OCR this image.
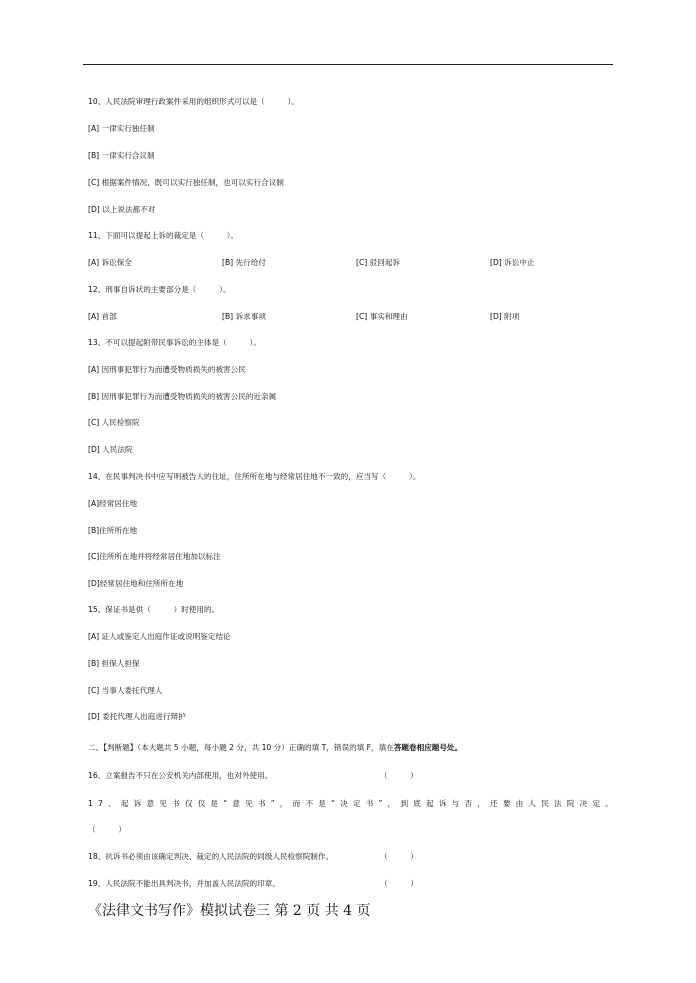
10、人民法院审理行政案件采用的组织形式可以是（　　　）。
[A] 一律实行独任制
[B] 一律实行合议制
[C] 根据案件情况，既可以实行独任制，也可以实行合议制
[D] 以上说法都不对
11、下面可以提起上诉的裁定是（　　　）。
[A] 诉讼保全	[B] 先行给付	[C] 驳回起诉	[D] 诉讼中止
12、刑事自诉状的主要部分是（　　　）。
[A] 首部	[B] 诉求事项	[C] 事实和理由	[D] 附项
13、不可以提起附带民事诉讼的主体是（　　　）。
[A] 因刑事犯罪行为而遭受物质损失的被害公民
[B] 因刑事犯罪行为而遭受物质损失的被害公民的近亲属
[C] 人民检察院
[D] 人民法院
14、在民事判决书中应写明被告人的住址，住所所在地与经常居住地不一致的，应当写（　　　）。
[A]经常居住地
[B]住所所在地
[C]住所所在地并将经常居住地加以标注
[D]经常居住地和住所所在地
15、保证书是供（　　　）时使用的。
[A] 证人或鉴定人出庭作证或说明鉴定结论
[B] 担保人担保
[C] 当事人委托代理人
[D] 委托代理人出庭进行辩护
二、【判断题】（本大题共 5 小题，每小题 2 分，共 10 分）正确的填 T，错误的填 F，填在答题卷相应题号处。
16、立案报告不只在公安机关内部使用，也对外使用。	（　　　）
17、起诉意见书仅仅是“意见书”，而不是“决定书”，到底起诉与否，还要由人民法院决定。
（　　　）
18、抗诉书必须由该确定判决、裁定的人民法院的同级人民检察院制作。	（　　　）
19、人民法院不能出具判决书，并加盖人民法院的印章。	（　　　）
《法律文书写作》模拟试卷三 第 2 页 共 4 页
